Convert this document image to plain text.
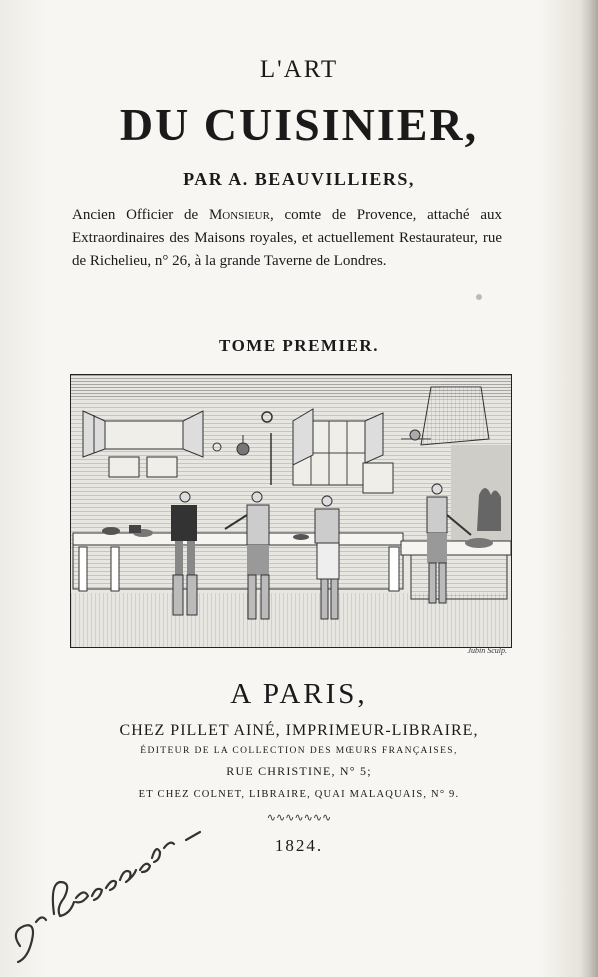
L'ART
DU CUISINIER,
PAR A. BEAUVILLIERS,
Ancien Officier de Monsieur, comte de Provence, attaché aux Extraordinaires des Maisons royales, et actuellement Restaurateur, rue de Richelieu, n° 26, à la grande Taverne de Londres.
TOME PREMIER.
Jubin Sculp.
A PARIS,
CHEZ PILLET AINÉ, IMPRIMEUR-LIBRAIRE,
ÉDITEUR DE LA COLLECTION DES MŒURS FRANÇAISES,
RUE CHRISTINE, N° 5;
ET CHEZ COLNET, LIBRAIRE, QUAI MALAQUAIS, N° 9.
∿∿∿∿∿∿∿
1824.
